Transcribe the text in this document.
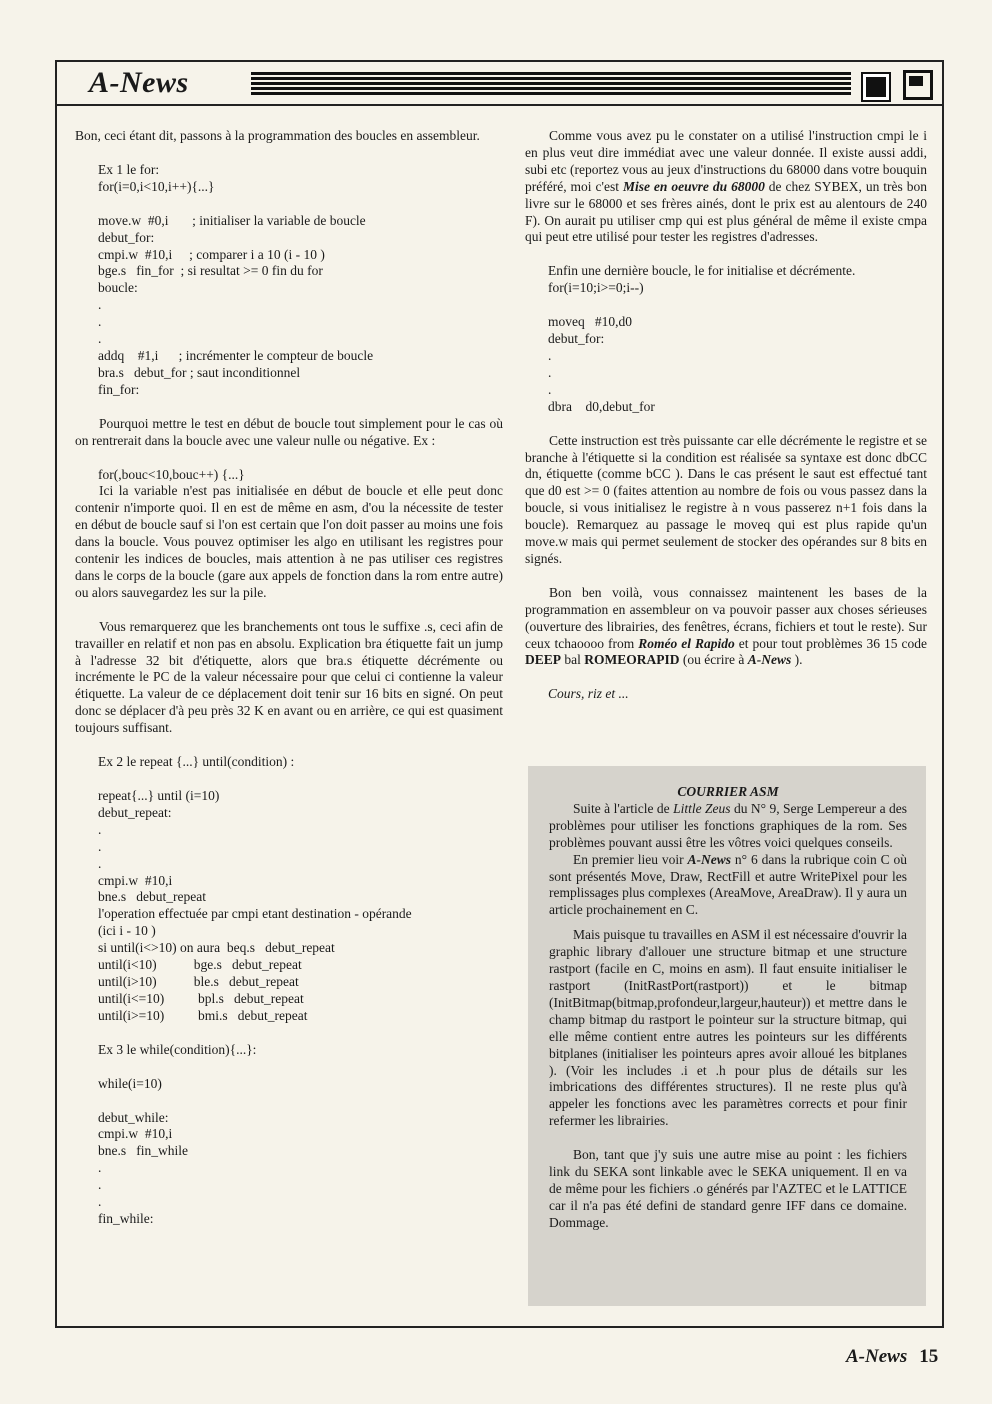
A-News

Bon, ceci étant dit, passons à la programmation des boucles en assembleur.

Ex 1 le for:

for(i=0,i<10,i++){...}

move.w  #0,i       ; initialiser la variable de boucle

debut_for:

cmpi.w  #10,i     ; comparer i a 10 (i - 10 )

bge.s   fin_for  ; si resultat >= 0 fin du for

boucle:

.

.

.

addq    #1,i      ; incrémenter le compteur de boucle

bra.s   debut_for ; saut inconditionnel

fin_for:

Pourquoi mettre le test en début de boucle tout simplement pour le cas où on rentrerait dans la boucle avec une valeur nulle ou négative. Ex :

for(,bouc<10,bouc++) {...}

Ici la variable n'est pas initialisée en début de boucle et elle peut donc contenir n'importe quoi. Il en est de même en asm, d'ou la nécessite de tester en début de boucle sauf si l'on est certain que l'on doit passer au moins une fois dans la boucle. Vous pouvez optimiser les algo en utilisant les registres pour contenir les indices de boucles, mais attention à ne pas utiliser ces registres dans le corps de la boucle (gare aux appels de fonction dans la rom entre autre) ou alors sauvegardez les sur la pile.

Vous remarquerez que les branchements ont tous le suffixe .s, ceci afin de travailler en relatif et non pas en absolu. Explication bra étiquette fait un jump à l'adresse 32 bit d'étiquette, alors que bra.s étiquette décrémente ou incrémente le PC de la valeur nécessaire pour que celui ci contienne la valeur étiquette. La valeur de ce déplacement doit tenir sur 16 bits en signé. On peut donc se déplacer d'à peu près 32 K en avant ou en arrière, ce qui est quasiment toujours suffisant.

Ex 2 le repeat {...} until(condition) :

repeat{...} until (i=10)

debut_repeat:

.

.

.

cmpi.w  #10,i

bne.s   debut_repeat

l'operation effectuée par cmpi etant destination - opérande

(ici i - 10 )

si until(i<>10) on aura  beq.s   debut_repeat

until(i<10)           bge.s   debut_repeat

until(i>10)           ble.s   debut_repeat

until(i<=10)          bpl.s   debut_repeat

until(i>=10)          bmi.s   debut_repeat

Ex 3 le while(condition){...}:

while(i=10)

debut_while:

cmpi.w  #10,i

bne.s   fin_while

.

.

.

fin_while:

Comme vous avez pu le constater on a utilisé l'instruction cmpi le i en plus veut dire immédiat avec une valeur donnée. Il existe aussi addi, subi etc (reportez vous au jeux d'instructions du 68000 dans votre bouquin préféré, moi c'est Mise en oeuvre du 68000 de chez SYBEX, un très bon livre sur le 68000 et ses frères ainés, dont le prix est au alentours de 240 F). On aurait pu utiliser cmp qui est plus général de même il existe cmpa qui peut etre utilisé pour tester les registres d'adresses.

Enfin une dernière boucle, le for initialise et décrémente.

for(i=10;i>=0;i--)

moveq   #10,d0

debut_for:

.

.

.

dbra    d0,debut_for

Cette instruction est très puissante car elle décrémente le registre et se branche à l'étiquette si la condition est réalisée sa syntaxe est donc dbCC dn, étiquette (comme bCC ). Dans le cas présent le saut est effectué tant que d0 est >= 0 (faites attention au nombre de fois ou vous passez dans la boucle, si vous initialisez le registre à n vous passerez n+1 fois dans la boucle). Remarquez au passage le moveq qui est plus rapide qu'un move.w mais qui permet seulement de stocker des opérandes sur 8 bits en signés.

Bon ben voilà, vous connaissez maintenent les bases de la programmation en assembleur on va pouvoir passer aux choses sérieuses (ouverture des librairies, des fenêtres, écrans, fichiers et tout le reste). Sur ceux tchaoooo from Roméo el Rapido et pour tout problèmes 36 15 code DEEP bal ROMEORAPID (ou écrire à A-News ).

Cours, riz et ...

COURRIER ASM

Suite à l'article de Little Zeus du N° 9, Serge Lempereur a des problèmes pour utiliser les fonctions graphiques de la rom. Ses problèmes pouvant aussi être les vôtres voici quelques conseils.

En premier lieu voir A-News n° 6 dans la rubrique coin C où sont présentés Move, Draw, RectFill et autre WritePixel pour les remplissages plus complexes (AreaMove, AreaDraw). Il y aura un article prochainement en C.

Mais puisque tu travailles en ASM il est nécessaire d'ouvrir la graphic library d'allouer une structure bitmap et une structure rastport (facile en C, moins en asm). Il faut ensuite initialiser le rastport (InitRastPort(rastport)) et le bitmap (InitBitmap(bitmap,profondeur,largeur,hauteur)) et mettre dans le champ bitmap du rastport le pointeur sur la structure bitmap, qui elle même contient entre autres les pointeurs sur les différents bitplanes (initialiser les pointeurs apres avoir alloué les bitplanes ). (Voir les includes .i et .h pour plus de détails sur les imbrications des différentes structures). Il ne reste plus qu'à appeler les fonctions avec les paramètres corrects et pour finir refermer les librairies.

Bon, tant que j'y suis une autre mise au point : les fichiers link du SEKA sont linkable avec le SEKA uniquement. Il en va de même pour les fichiers .o générés par l'AZTEC et le LATTICE car il n'a pas été defini de standard genre IFF dans ce domaine. Dommage.

A-News 15
